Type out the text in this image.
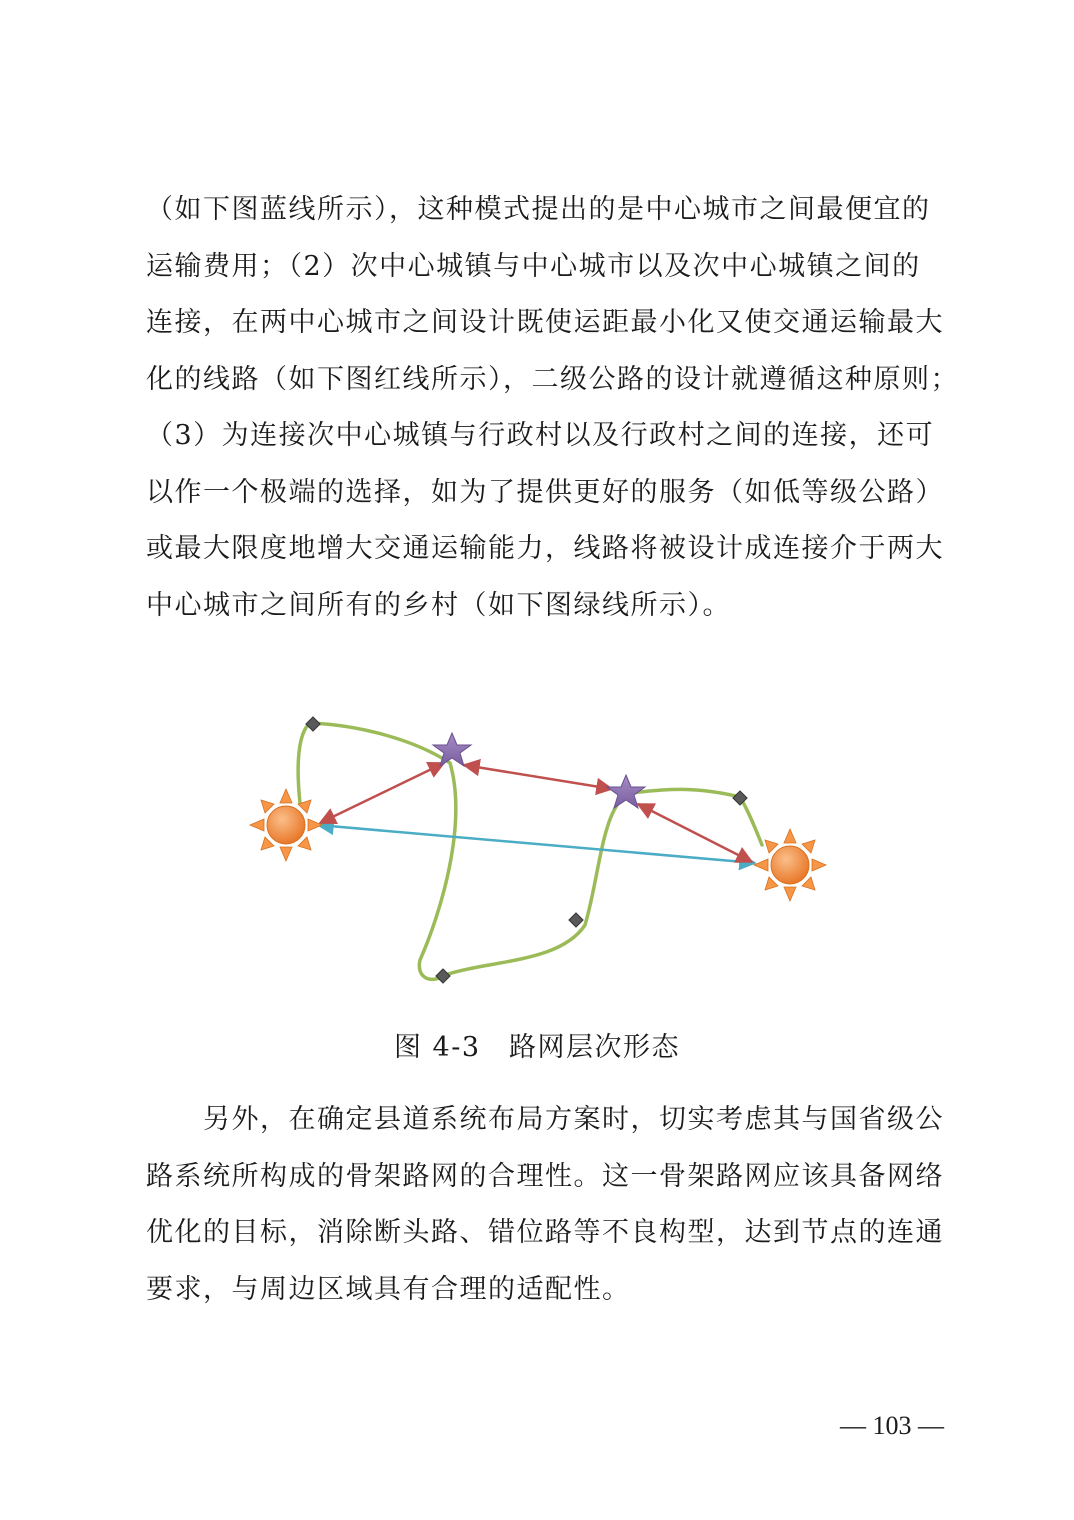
（如下图蓝线所示），这种模式提出的是中心城市之间最便宜的
运输费用；（2）次中心城镇与中心城市以及次中心城镇之间的
连接，在两中心城市之间设计既使运距最小化又使交通运输最大
化的线路（如下图红线所示），二级公路的设计就遵循这种原则；
（3）为连接次中心城镇与行政村以及行政村之间的连接，还可
以作一个极端的选择，如为了提供更好的服务（如低等级公路）
或最大限度地增大交通运输能力，线路将被设计成连接介于两大
中心城市之间所有的乡村（如下图绿线所示）。
图 4-3　路网层次形态
　　另外，在确定县道系统布局方案时，切实考虑其与国省级公
路系统所构成的骨架路网的合理性。这一骨架路网应该具备网络
优化的目标，消除断头路、错位路等不良构型，达到节点的连通
要求，与周边区域具有合理的适配性。
— 103 —
